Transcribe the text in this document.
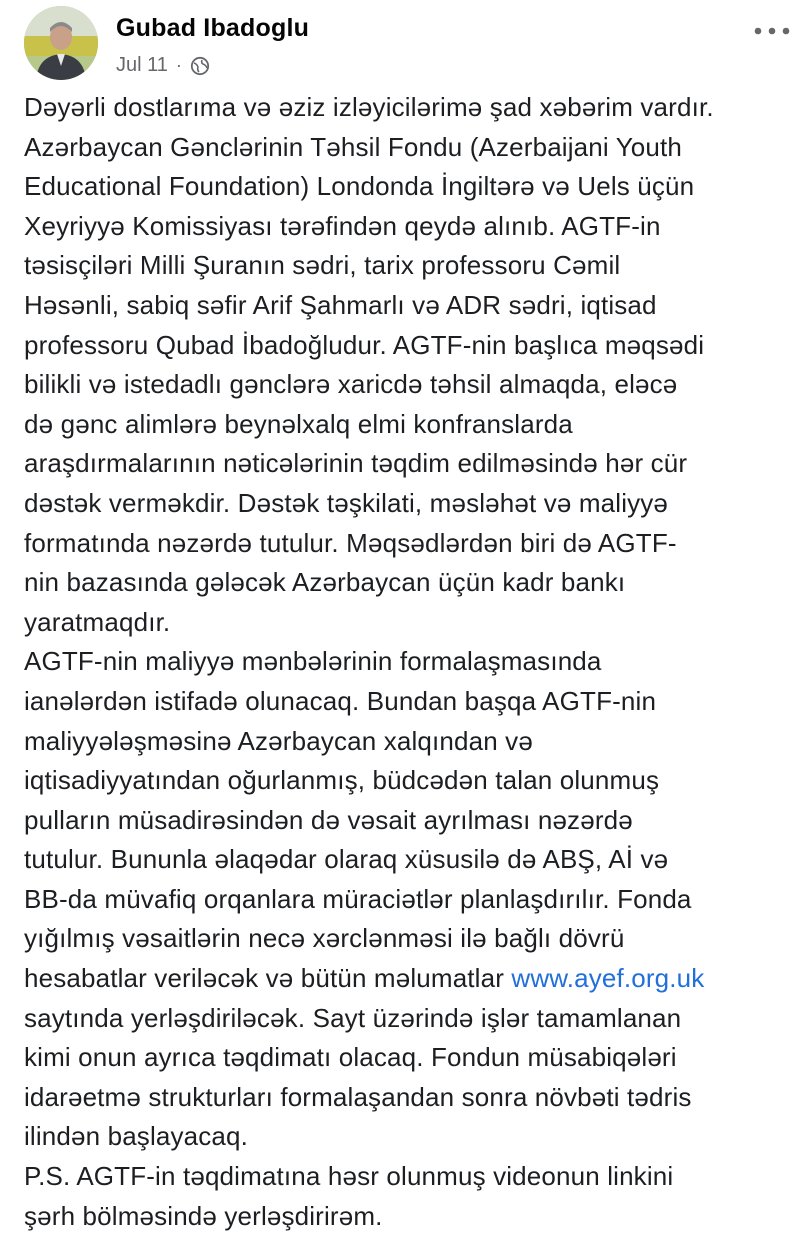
Gubad Ibadoglu
Jul 11 ·
Dəyərli dostlarıma və əziz izləyicilərimə şad xəbərim vardır.
Azərbaycan Gənclərinin Təhsil Fondu (Azerbaijani Youth
Educational Foundation) Londonda İngiltərə və Uels üçün
Xeyriyyə Komissiyası tərəfindən qeydə alınıb. AGTF-in
təsisçiləri Milli Şuranın sədri, tarix professoru Cəmil
Həsənli, sabiq səfir Arif Şahmarlı və ADR sədri, iqtisad
professoru Qubad İbadoğludur. AGTF-nin başlıca məqsədi
bilikli və istedadlı gənclərə xaricdə təhsil almaqda, eləcə
də gənc alimlərə beynəlxalq elmi konfranslarda
araşdırmalarının nəticələrinin təqdim edilməsində hər cür
dəstək verməkdir. Dəstək təşkilati, məsləhət və maliyyə
formatında nəzərdə tutulur. Məqsədlərdən biri də AGTF-
nin bazasında gələcək Azərbaycan üçün kadr bankı
yaratmaqdır.
AGTF-nin maliyyə mənbələrinin formalaşmasında
ianələrdən istifadə olunacaq. Bundan başqa AGTF-nin
maliyyələşməsinə Azərbaycan xalqından və
iqtisadiyyatından oğurlanmış, büdcədən talan olunmuş
pulların müsadirəsindən də vəsait ayrılması nəzərdə
tutulur. Bununla əlaqədar olaraq xüsusilə də ABŞ, Aİ və
BB-da müvafiq orqanlara müraciətlər planlaşdırılır. Fonda
yığılmış vəsaitlərin necə xərclənməsi ilə bağlı dövrü
hesabatlar veriləcək və bütün məlumatlar www.ayef.org.uk
saytında yerləşdiriləcək. Sayt üzərində işlər tamamlanan
kimi onun ayrıca təqdimatı olacaq. Fondun müsabiqələri
idarəetmə strukturları formalaşandan sonra növbəti tədris
ilindən başlayacaq.
P.S. AGTF-in təqdimatına həsr olunmuş videonun linkini
şərh bölməsində yerləşdirirəm.
